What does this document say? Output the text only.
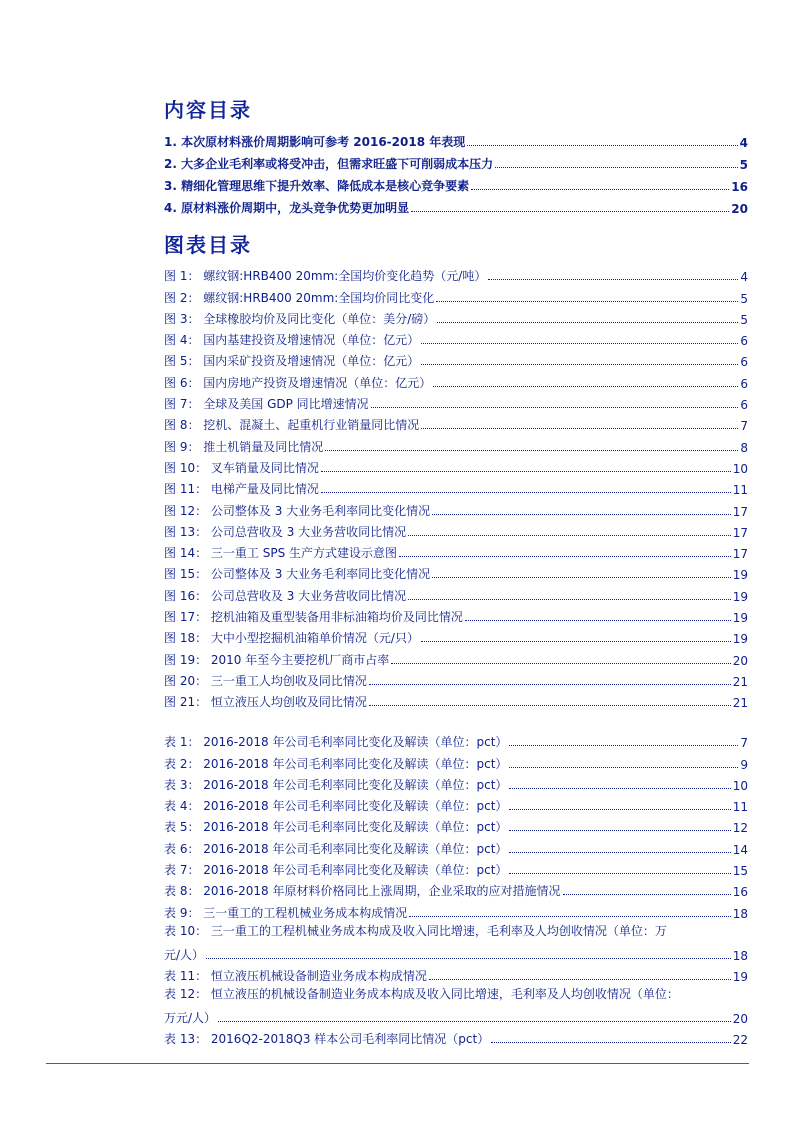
内容目录
1. 本次原材料涨价周期影响可参考 2016-2018 年表现	4
2. 大多企业毛利率或将受冲击，但需求旺盛下可削弱成本压力	5
3. 精细化管理思维下提升效率、降低成本是核心竞争要素	16
4. 原材料涨价周期中，龙头竞争优势更加明显	20
图表目录
图 1： 螺纹钢:HRB400 20mm:全国均价变化趋势（元/吨）	4
图 2： 螺纹钢:HRB400 20mm:全国均价同比变化	5
图 3： 全球橡胶均价及同比变化（单位：美分/磅）	5
图 4： 国内基建投资及增速情况（单位：亿元）	6
图 5： 国内采矿投资及增速情况（单位：亿元）	6
图 6： 国内房地产投资及增速情况（单位：亿元）	6
图 7： 全球及美国 GDP 同比增速情况	6
图 8： 挖机、混凝土、起重机行业销量同比情况	7
图 9： 推土机销量及同比情况	8
图 10： 叉车销量及同比情况	10
图 11： 电梯产量及同比情况	11
图 12： 公司整体及 3 大业务毛利率同比变化情况	17
图 13： 公司总营收及 3 大业务营收同比情况	17
图 14： 三一重工 SPS 生产方式建设示意图	17
图 15： 公司整体及 3 大业务毛利率同比变化情况	19
图 16： 公司总营收及 3 大业务营收同比情况	19
图 17： 挖机油箱及重型装备用非标油箱均价及同比情况	19
图 18： 大中小型挖掘机油箱单价情况（元/只）	19
图 19： 2010 年至今主要挖机厂商市占率	20
图 20： 三一重工人均创收及同比情况	21
图 21： 恒立液压人均创收及同比情况	21
表 1： 2016-2018 年公司毛利率同比变化及解读（单位：pct）	7
表 2： 2016-2018 年公司毛利率同比变化及解读（单位：pct）	9
表 3： 2016-2018 年公司毛利率同比变化及解读（单位：pct）	10
表 4： 2016-2018 年公司毛利率同比变化及解读（单位：pct）	11
表 5： 2016-2018 年公司毛利率同比变化及解读（单位：pct）	12
表 6： 2016-2018 年公司毛利率同比变化及解读（单位：pct）	14
表 7： 2016-2018 年公司毛利率同比变化及解读（单位：pct）	15
表 8： 2016-2018 年原材料价格同比上涨周期，企业采取的应对措施情况	16
表 9： 三一重工的工程机械业务成本构成情况	18
表 10： 三一重工的工程机械业务成本构成及收入同比增速，毛利率及人均创收情况（单位：万
元/人）	18
表 11： 恒立液压机械设备制造业务成本构成情况	19
表 12： 恒立液压的机械设备制造业务成本构成及收入同比增速，毛利率及人均创收情况（单位：
万元/人）	20
表 13： 2016Q2-2018Q3 样本公司毛利率同比情况（pct）	22
